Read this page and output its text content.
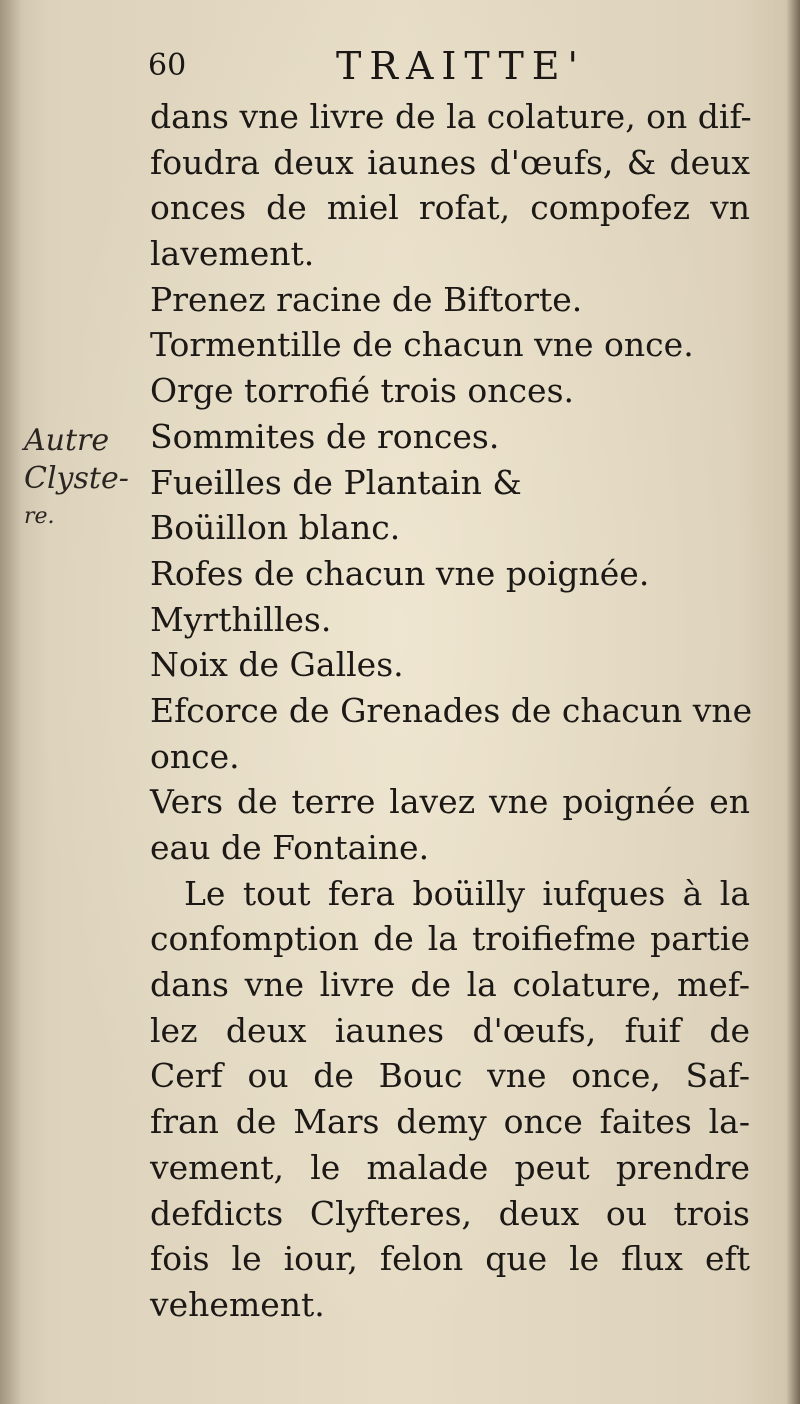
60	TRAITTE'
Autre
Clyste-
re.
dans vne livre de la colature, on dif-
foudra deux iaunes d'œufs, & deux
onces de miel rofat, compofez vn
lavement.
Prenez racine de Biftorte.
Tormentille de chacun vne once.
Orge torrofié trois onces.
Sommites de ronces.
Fueilles de Plantain &
Boüillon blanc.
Rofes de chacun vne poignée.
Myrthilles.
Noix de Galles.
Efcorce de Grenades de chacun vne
once.
Vers de terre lavez vne poignée en
eau de Fontaine.
Le tout fera boüilly iufques à la
confomption de la troifiefme partie
dans vne livre de la colature, mef-
lez deux iaunes d'œufs, fuif de
Cerf ou de Bouc vne once, Saf-
fran de Mars demy once faites la-
vement, le malade peut prendre
defdicts Clyfteres, deux ou trois
fois le iour, felon que le flux eft
vehement.
